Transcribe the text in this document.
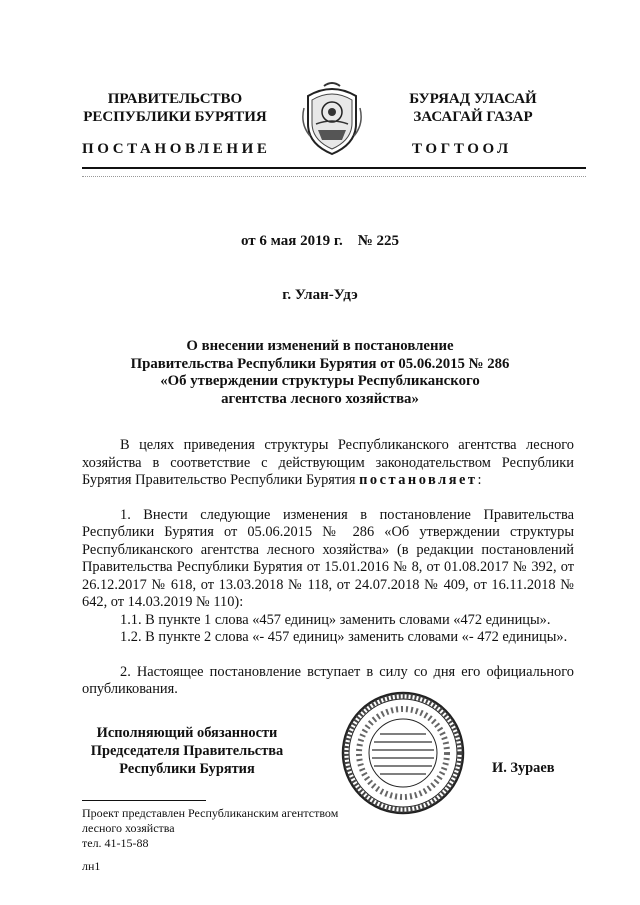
ПРАВИТЕЛЬСТВО
РЕСПУБЛИКИ БУРЯТИЯ
БУРЯАД УЛАСАЙ
ЗАСАГАЙ ГАЗАР
ПОСТАНОВЛЕНИЕ	ТОГТООЛ
от 6 мая 2019 г.    № 225
г. Улан-Удэ
О внесении изменений в постановление
Правительства Республики Бурятия от 05.06.2015 № 286
«Об утверждении структуры Республиканского
агентства лесного хозяйства»

В целях приведения структуры Республиканского агентства лесного хозяйства в соответствие с действующим законодательством Республики Бурятия Правительство Республики Бурятия постановляет:

1. Внести следующие изменения в постановление Правительства Республики Бурятия от 05.06.2015 № 286 «Об утверждении структуры Республиканского агентства лесного хозяйства» (в редакции постановлений Правительства Республики Бурятия от 15.01.2016 № 8, от 01.08.2017 № 392, от 26.12.2017 № 618, от 13.03.2018 № 118, от 24.07.2018 № 409, от 16.11.2018 № 642, от 14.03.2019 № 110):

1.1. В пункте 1 слова «457 единиц» заменить словами «472 единицы».

1.2. В пункте 2 слова «- 457 единиц» заменить словами «- 472 единицы».

2. Настоящее постановление вступает в силу со дня его официального опубликования.

Исполняющий обязанности
Председателя Правительства
Республики Бурятия	И. Зураев
Проект представлен Республиканским агентством
лесного хозяйства
тел. 41-15-88
лн1
